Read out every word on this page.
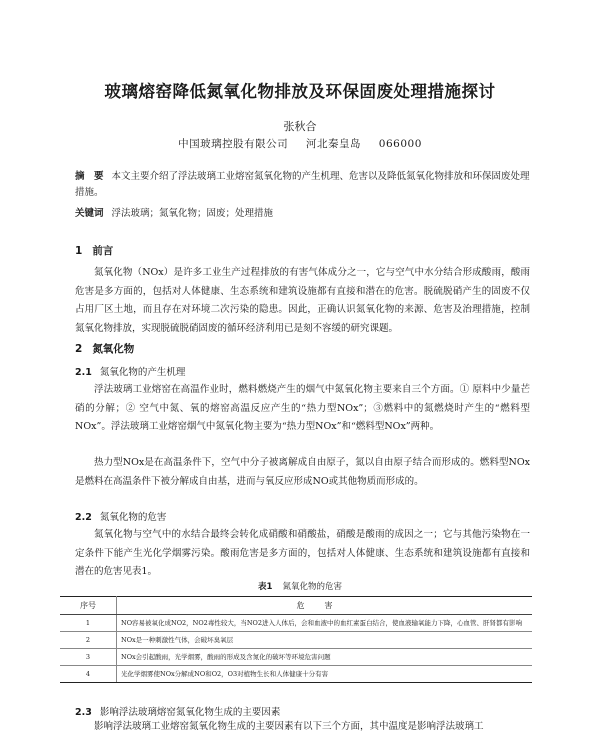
玻璃熔窑降低氮氧化物排放及环保固废处理措施探讨
张秋合
中国玻璃控股有限公司 河北秦皇岛 066000
摘　要 本文主要介绍了浮法玻璃工业熔窑氮氧化物的产生机理、危害以及降低氮氧化物排放和环保固废处理措施。
关键词 浮法玻璃；氮氧化物；固废；处理措施
1 前言

氮氧化物（NOx）是许多工业生产过程排放的有害气体成分之一，它与空气中水分结合形成酸雨，酸雨危害是多方面的，包括对人体健康、生态系统和建筑设施都有直接和潜在的危害。脱硫脱硝产生的固废不仅占用厂区土地，而且存在对环境二次污染的隐患。因此，正确认识氮氧化物的来源、危害及治理措施，控制氮氧化物排放，实现脱硫脱硝固废的循环经济利用已是刻不容缓的研究课题。

2 氮氧化物
2.1 氮氧化物的产生机理

浮法玻璃工业熔窑在高温作业时，燃料燃烧产生的烟气中氮氧化物主要来自三个方面。① 原料中少量芒硝的分解；② 空气中氮、氧的熔窑高温反应产生的“热力型NOx”；③燃料中的氮燃烧时产生的“燃料型NOx”。浮法玻璃工业熔窑烟气中氮氧化物主要为“热力型NOx”和“燃料型NOx”两种。

热力型NOx是在高温条件下，空气中分子被离解成自由原子，氮以自由原子结合而形成的。燃料型NOx是燃料在高温条件下被分解成自由基，进而与氧反应形成NO或其他物质而形成的。

2.2 氮氧化物的危害

氮氧化物与空气中的水结合最终会转化成硝酸和硝酸盐，硝酸是酸雨的成因之一；它与其他污染物在一定条件下能产生光化学烟雾污染。酸雨危害是多方面的，包括对人体健康、生态系统和建筑设施都有直接和潜在的危害见表1。

表1 氮氧化物的危害
序号	危害
1	NO容易被氧化成NO2，NO2毒性较大，当NO2进入人体后，会和血液中的血红素蛋白结合，使血液输氧能力下降，心血管、肝肾都有影响
2	NOx是一种刺激性气体，会破坏臭氧层
3	NOx会引起酸雨，光学烟雾，酸雨的形成及含氮化的破坏等环境危害问题
4	光化学烟雾使NOx分解成NO和O2，O3对植物生长和人体健康十分有害
2.3 影响浮法玻璃熔窑氮氧化物生成的主要因素

影响浮法玻璃工业熔窑氮氧化物生成的主要因素有以下三个方面，其中温度是影响浮法玻璃工
